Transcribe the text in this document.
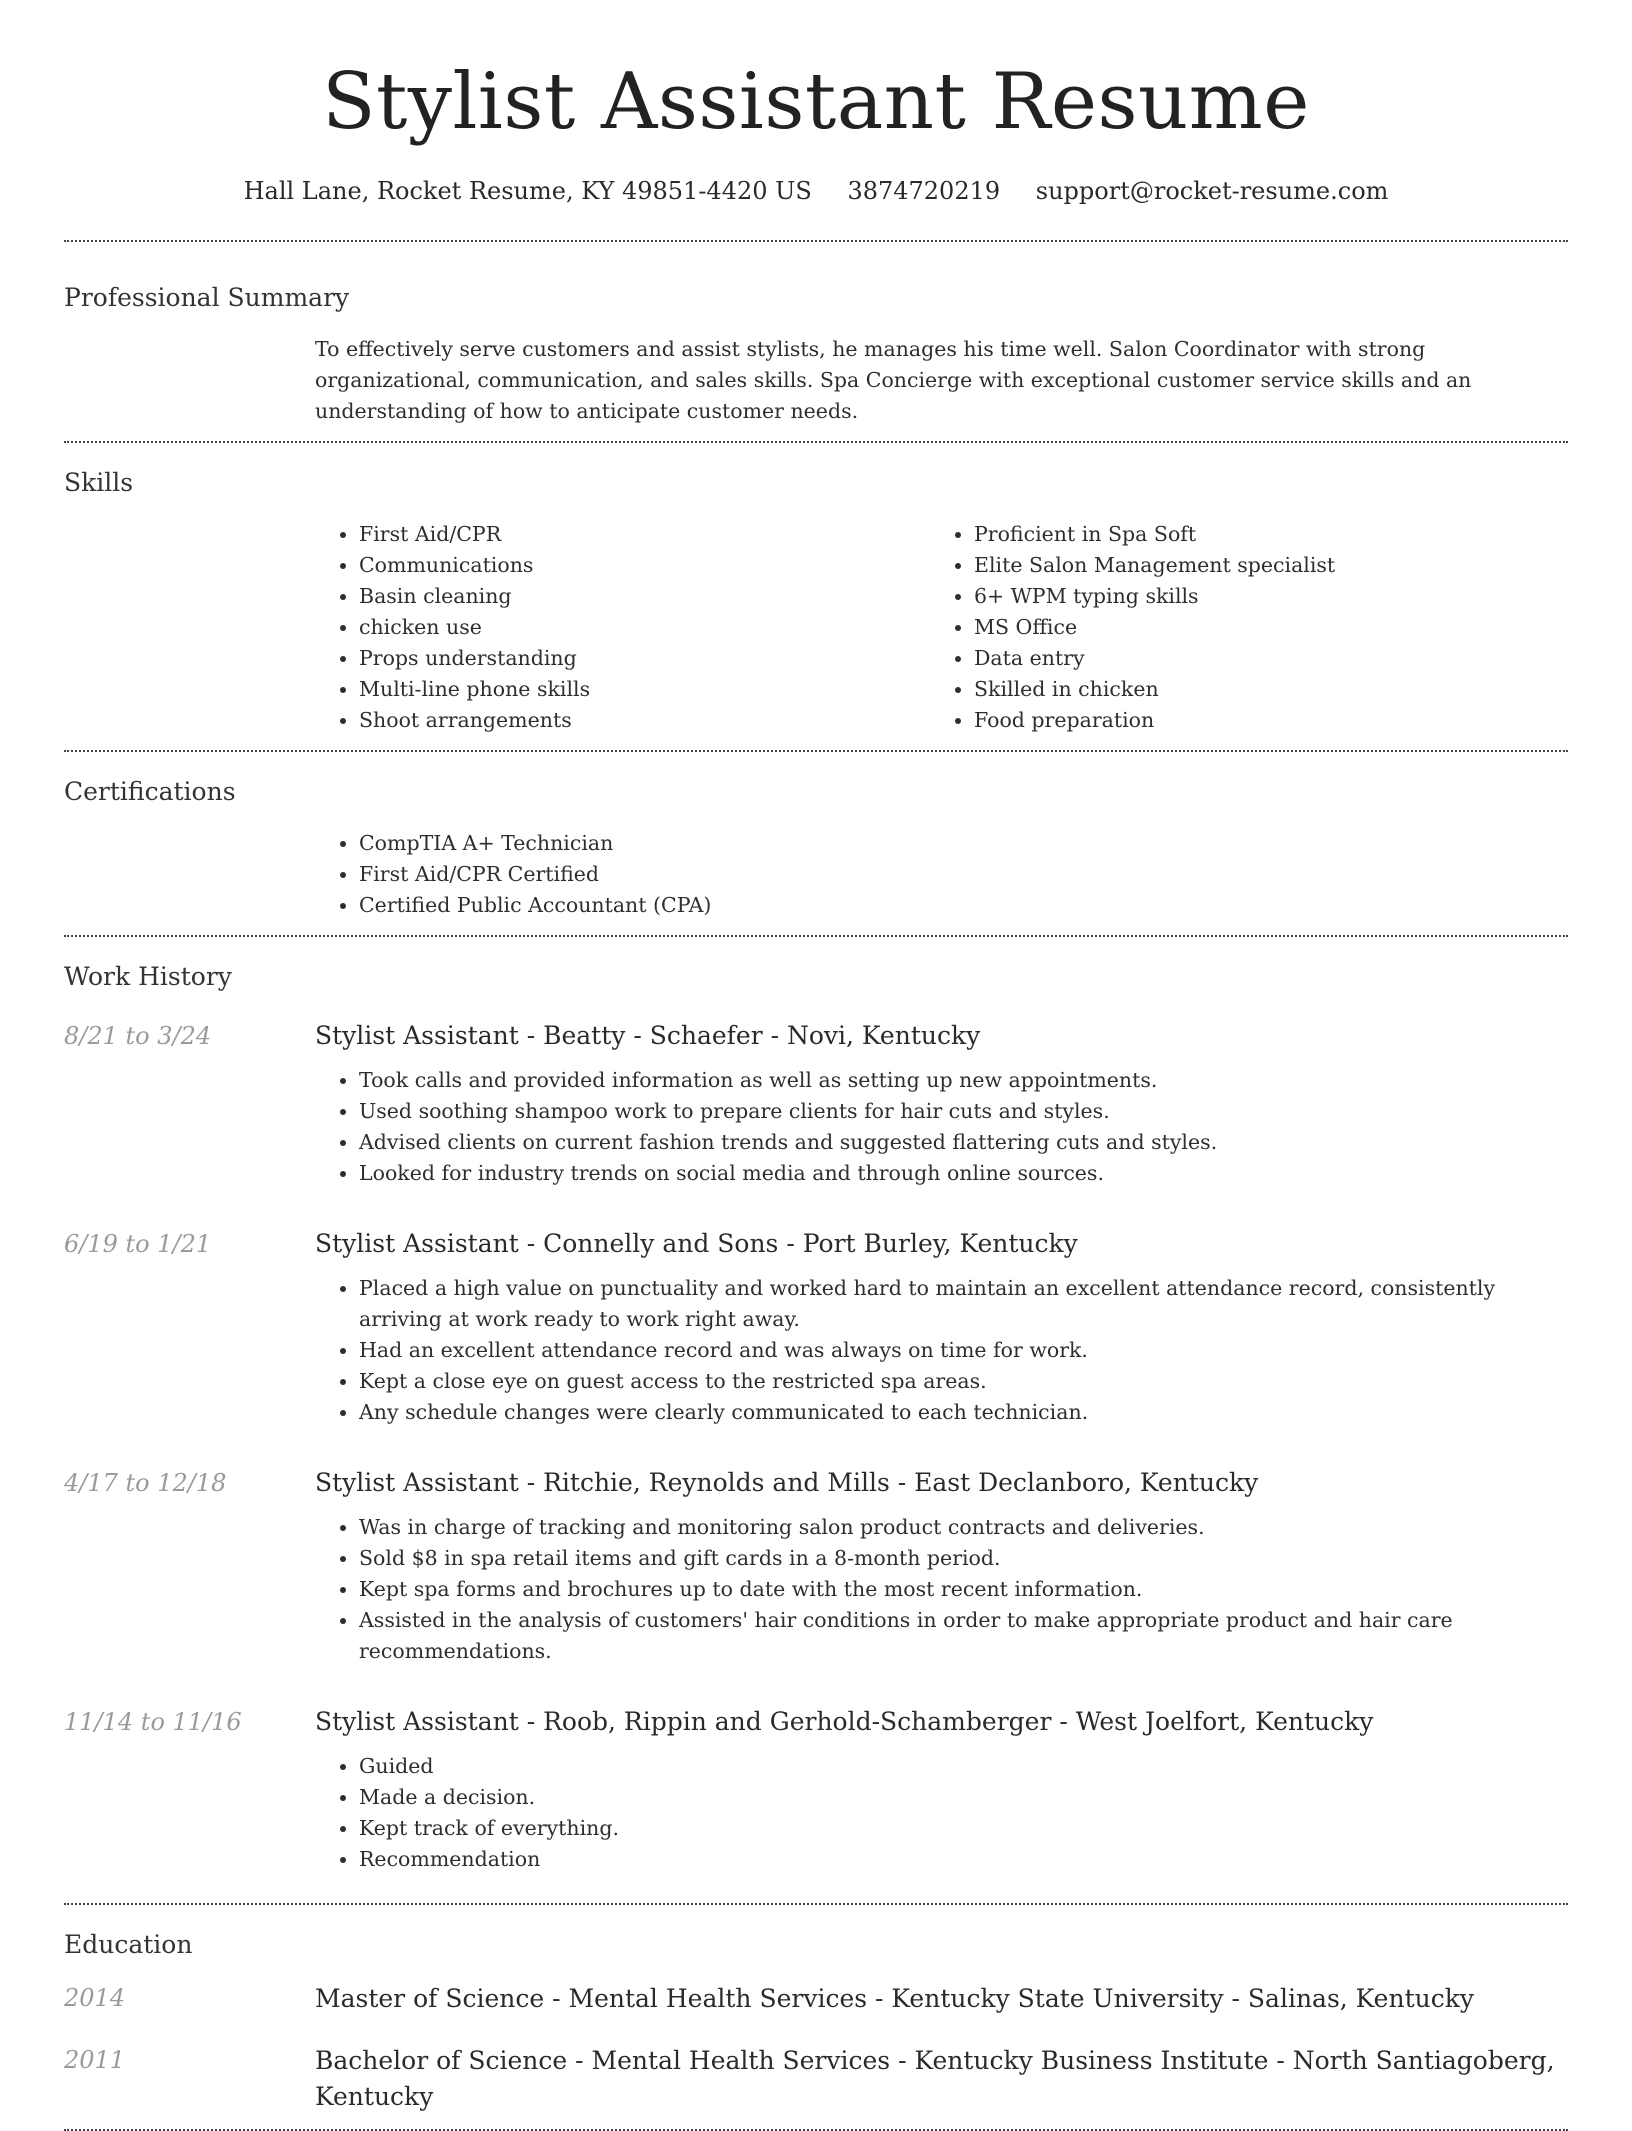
Stylist Assistant Resume
Hall Lane, Rocket Resume, KY 49851-4420 US 3874720219 support@rocket-resume.com
Professional Summary
To effectively serve customers and assist stylists, he manages his time well. Salon Coordinator with strong organizational, communication, and sales skills. Spa Concierge with exceptional customer service skills and an understanding of how to anticipate customer needs.
Skills
• First Aid/CPR
• Communications
• Basin cleaning
• chicken use
• Props understanding
• Multi-line phone skills
• Shoot arrangements
• Proficient in Spa Soft
• Elite Salon Management specialist
• 6+ WPM typing skills
• MS Office
• Data entry
• Skilled in chicken
• Food preparation
Certifications
• CompTIA A+ Technician
• First Aid/CPR Certified
• Certified Public Accountant (CPA)
Work History
8/21 to 3/24	Stylist Assistant - Beatty - Schaefer - Novi, Kentucky
• Took calls and provided information as well as setting up new appointments.
• Used soothing shampoo work to prepare clients for hair cuts and styles.
• Advised clients on current fashion trends and suggested flattering cuts and styles.
• Looked for industry trends on social media and through online sources.
6/19 to 1/21	Stylist Assistant - Connelly and Sons - Port Burley, Kentucky
• Placed a high value on punctuality and worked hard to maintain an excellent attendance record, consistently arriving at work ready to work right away.
• Had an excellent attendance record and was always on time for work.
• Kept a close eye on guest access to the restricted spa areas.
• Any schedule changes were clearly communicated to each technician.
4/17 to 12/18	Stylist Assistant - Ritchie, Reynolds and Mills - East Declanboro, Kentucky
• Was in charge of tracking and monitoring salon product contracts and deliveries.
• Sold $8 in spa retail items and gift cards in a 8-month period.
• Kept spa forms and brochures up to date with the most recent information.
• Assisted in the analysis of customers' hair conditions in order to make appropriate product and hair care recommendations.
11/14 to 11/16	Stylist Assistant - Roob, Rippin and Gerhold-Schamberger - West Joelfort, Kentucky
• Guided
• Made a decision.
• Kept track of everything.
• Recommendation
Education
2014	Master of Science - Mental Health Services - Kentucky State University - Salinas, Kentucky
2011	Bachelor of Science - Mental Health Services - Kentucky Business Institute - North Santiagoberg, Kentucky
